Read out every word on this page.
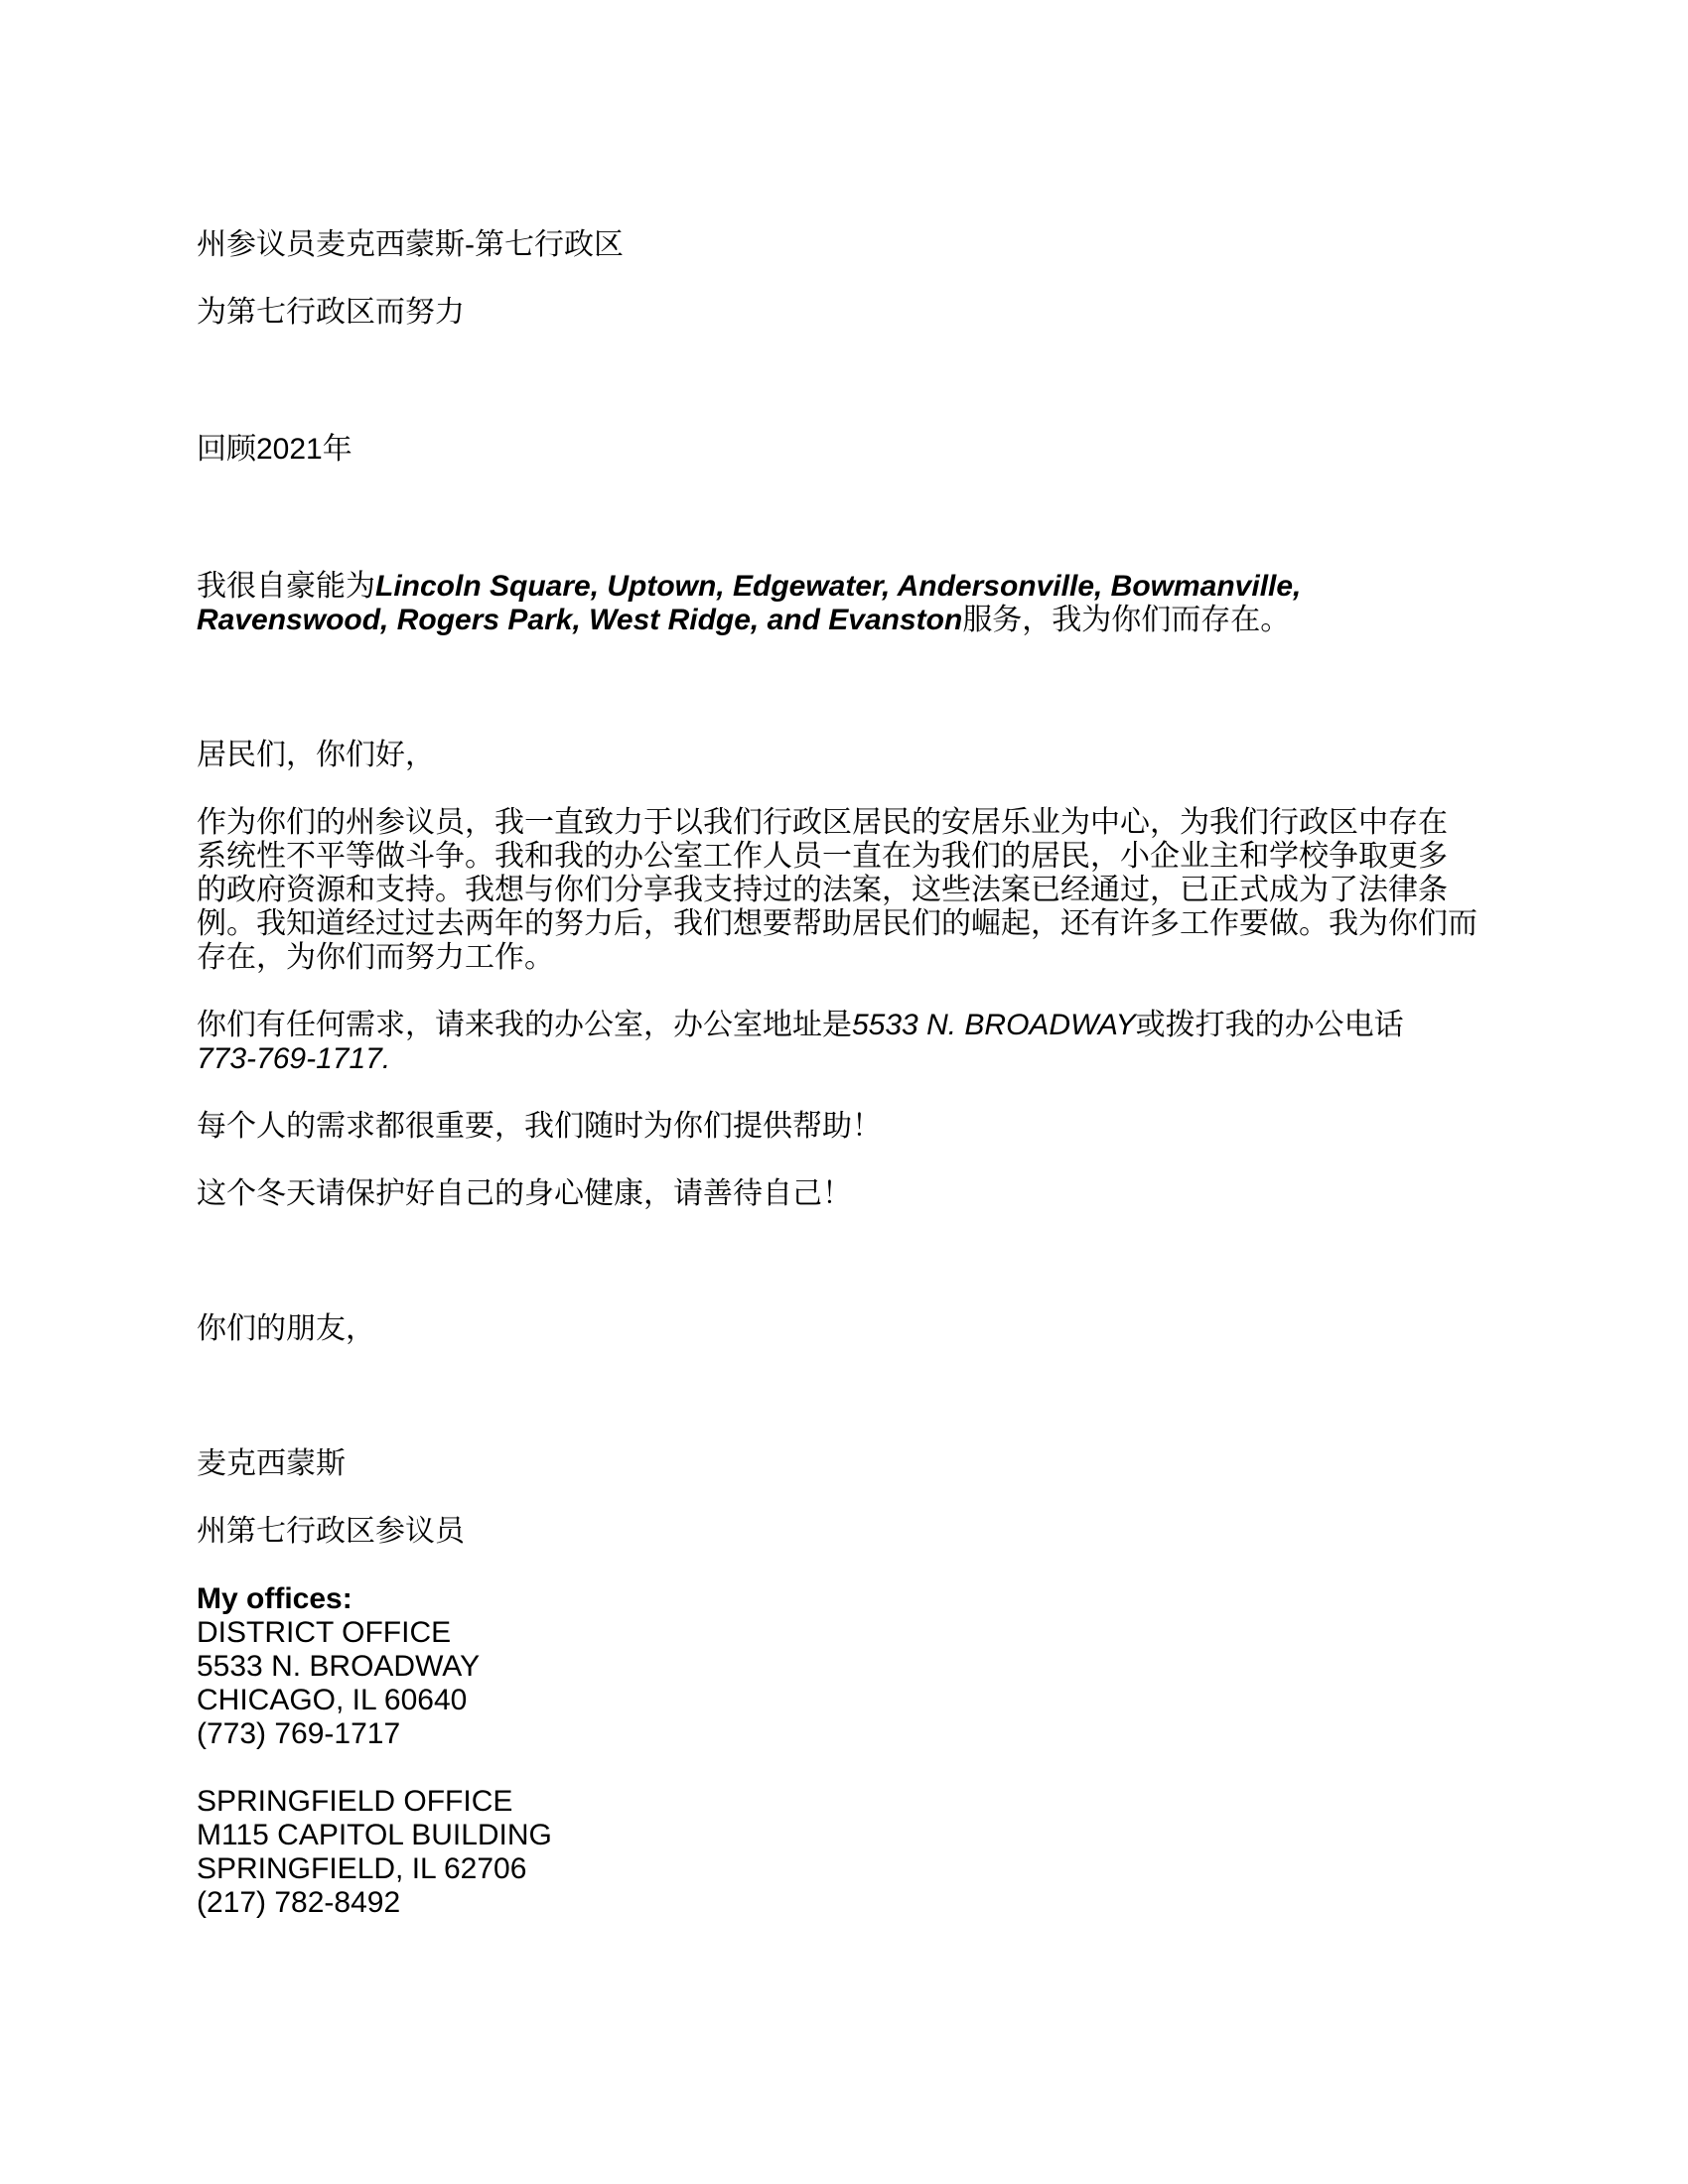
州参议员麦克西蒙斯-第七行政区

为第七行政区而努力

回顾2021年

我很自豪能为Lincoln Square, Uptown, Edgewater, Andersonville, Bowmanville,
Ravenswood, Rogers Park, West Ridge, and Evanston服务，我为你们而存在。

居民们，你们好，

作为你们的州参议员，我一直致力于以我们行政区居民的安居乐业为中心，为我们行政区中存在
系统性不平等做斗争。我和我的办公室工作人员一直在为我们的居民，小企业主和学校争取更多
的政府资源和支持。我想与你们分享我支持过的法案，这些法案已经通过，已正式成为了法律条
例。我知道经过过去两年的努力后，我们想要帮助居民们的崛起，还有许多工作要做。我为你们而
存在，为你们而努力工作。
你们有任何需求，请来我的办公室，办公室地址是5533 N. BROADWAY或拨打我的办公电话
773-769-1717.

每个人的需求都很重要，我们随时为你们提供帮助！

这个冬天请保护好自己的身心健康，请善待自己！

你们的朋友，

麦克西蒙斯

州第七行政区参议员

My offices:
DISTRICT OFFICE
5533 N. BROADWAY
CHICAGO, IL 60640
(773) 769-1717
SPRINGFIELD OFFICE
M115 CAPITOL BUILDING
SPRINGFIELD, IL 62706
(217) 782-8492
